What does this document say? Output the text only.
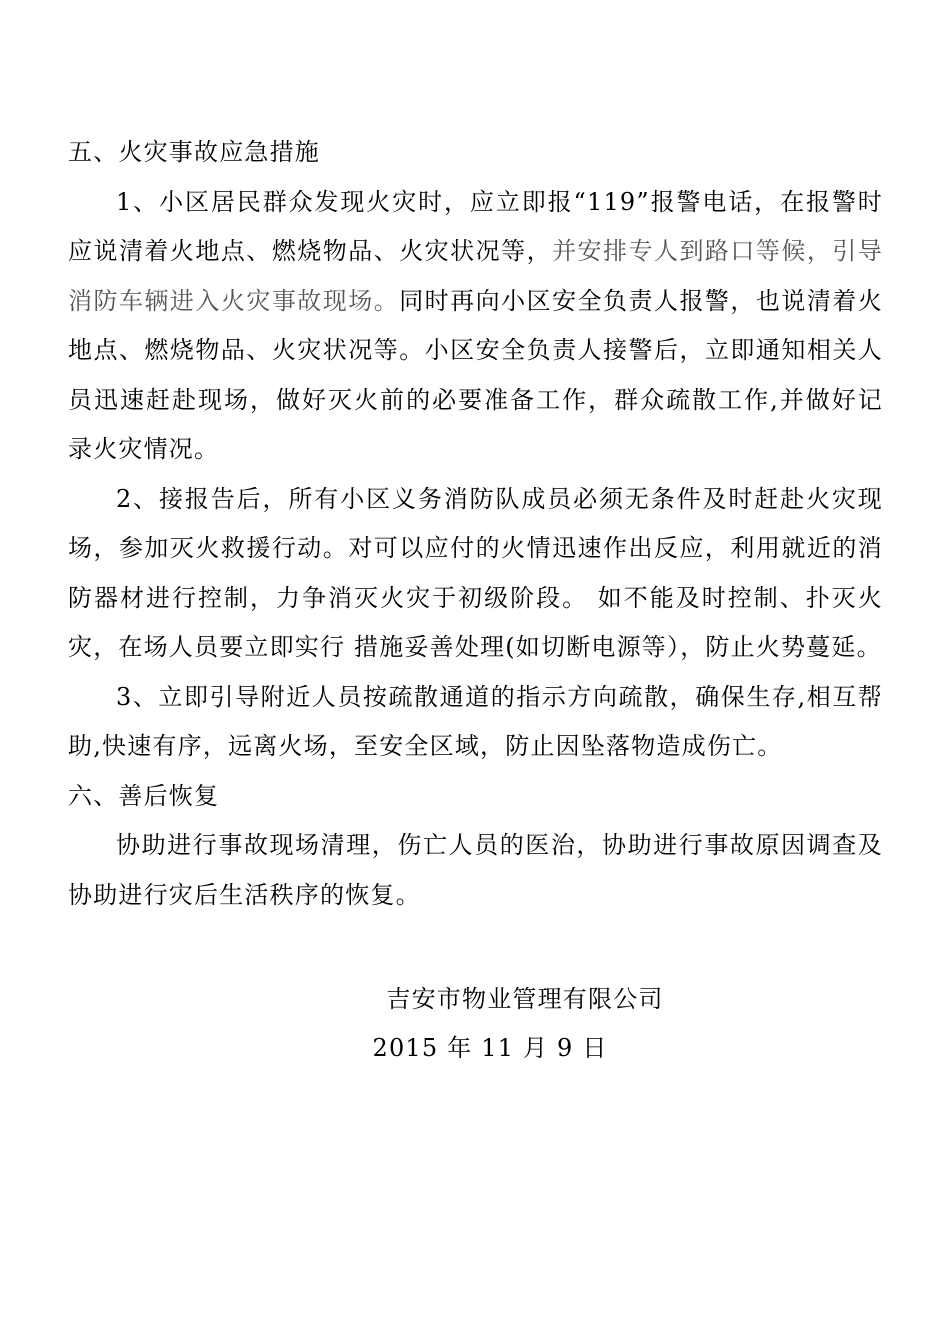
五、火灾事故应急措施

1、小区居民群众发现火灾时，应立即报“119”报警电话，在报警时应说清着火地点、燃烧物品、火灾状况等，并安排专人到路口等候，引导消防车辆进入火灾事故现场。同时再向小区安全负责人报警，也说清着火地点、燃烧物品、火灾状况等。小区安全负责人接警后，立即通知相关人员迅速赶赴现场，做好灭火前的必要准备工作，群众疏散工作,并做好记录火灾情况。

2、接报告后，所有小区义务消防队成员必须无条件及时赶赴火灾现场，参加灭火救援行动。对可以应付的火情迅速作出反应，利用就近的消防器材进行控制，力争消灭火灾于初级阶段。 如不能及时控制、扑灭火灾，在场人员要立即实行 措施妥善处理(如切断电源等），防止火势蔓延。

3、立即引导附近人员按疏散通道的指示方向疏散，确保生存,相互帮助,快速有序，远离火场，至安全区域，防止因坠落物造成伤亡。

六、善后恢复

协助进行事故现场清理，伤亡人员的医治，协助进行事故原因调查及协助进行灾后生活秩序的恢复。

吉安市物业管理有限公司
2015 年 11 月 9 日
